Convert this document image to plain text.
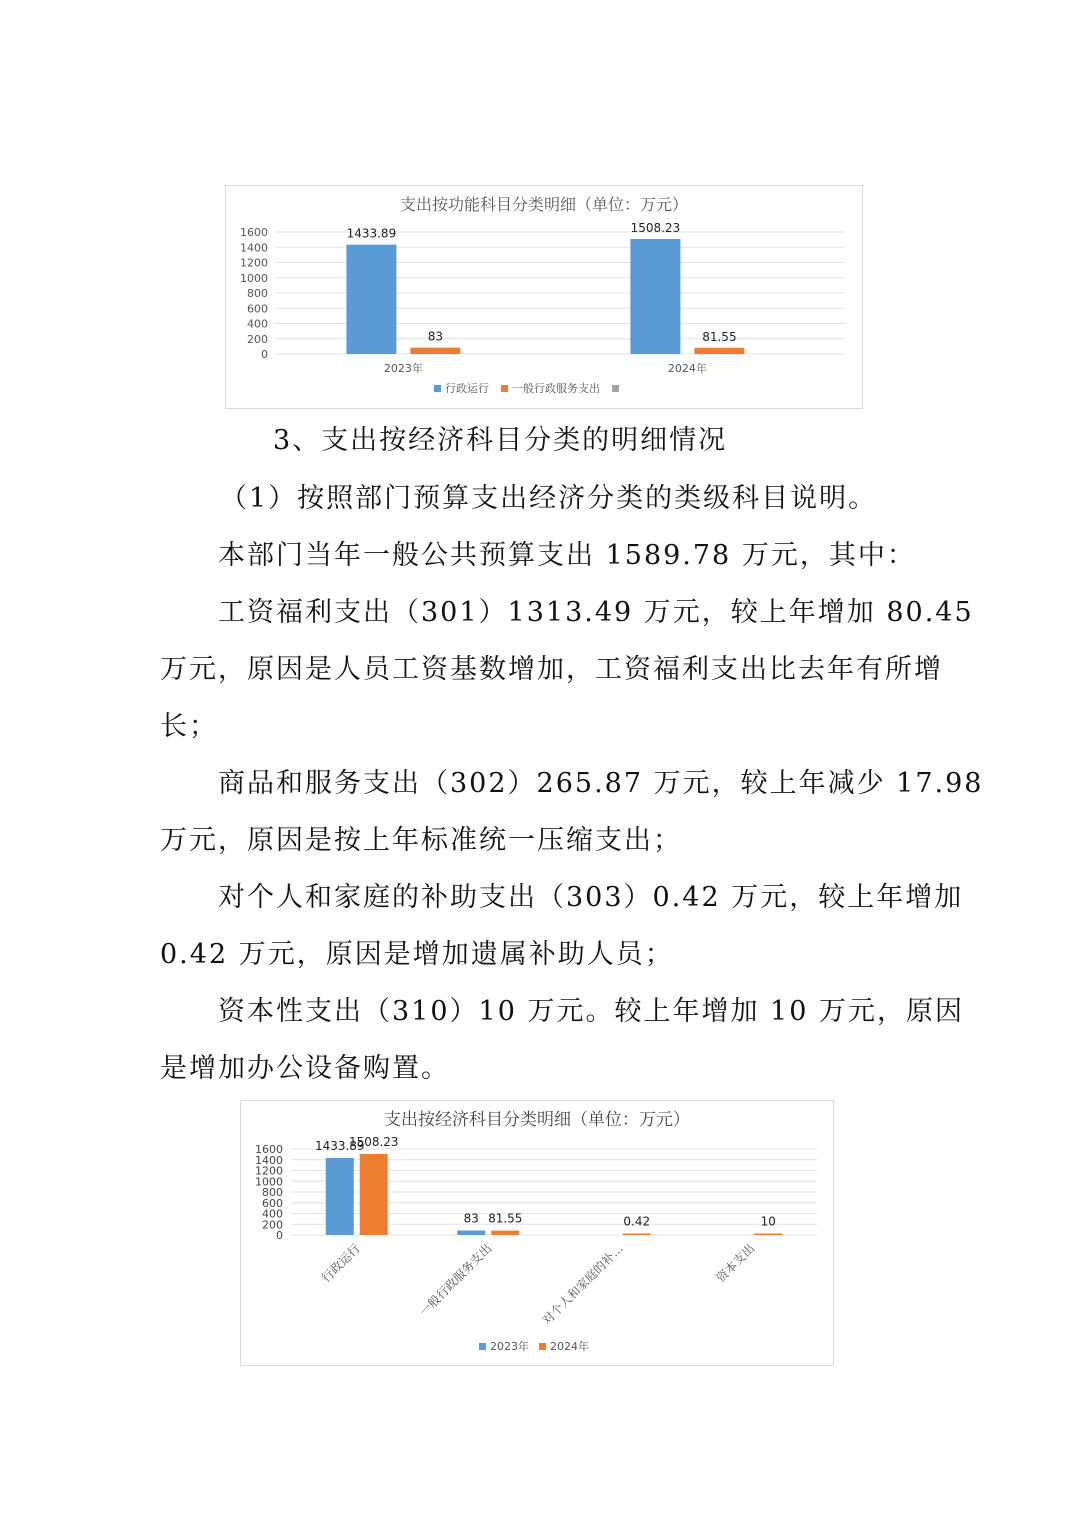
支出按功能科目分类明细（单位：万元）
0
200
400
600
800
1000
1200
1400
1600
2023年	2024年
1433.89	1508.23
83	81.55
行政运行 一般行政服务支出
3、支出按经济科目分类的明细情况
（1）按照部门预算支出经济分类的类级科目说明。
本部门当年一般公共预算支出 1589.78 万元，其中：
工资福利支出（301）1313.49 万元，较上年增加 80.45
万元，原因是人员工资基数增加，工资福利支出比去年有所增
长；
商品和服务支出（302）265.87 万元，较上年减少 17.98
万元，原因是按上年标准统一压缩支出；
对个人和家庭的补助支出（303）0.42 万元，较上年增加
0.42 万元，原因是增加遗属补助人员；
资本性支出（310）10 万元。较上年增加 10 万元，原因
是增加办公设备购置。
支出按经济科目分类明细（单位：万元）
0
200
400
600
800
1000
1200
1400
1600
行政运行	一般行政服务支出	对个人和家庭的补…	资本支出
1433.89
1508.23
83 81.55	0.42	10
2023年 2024年
